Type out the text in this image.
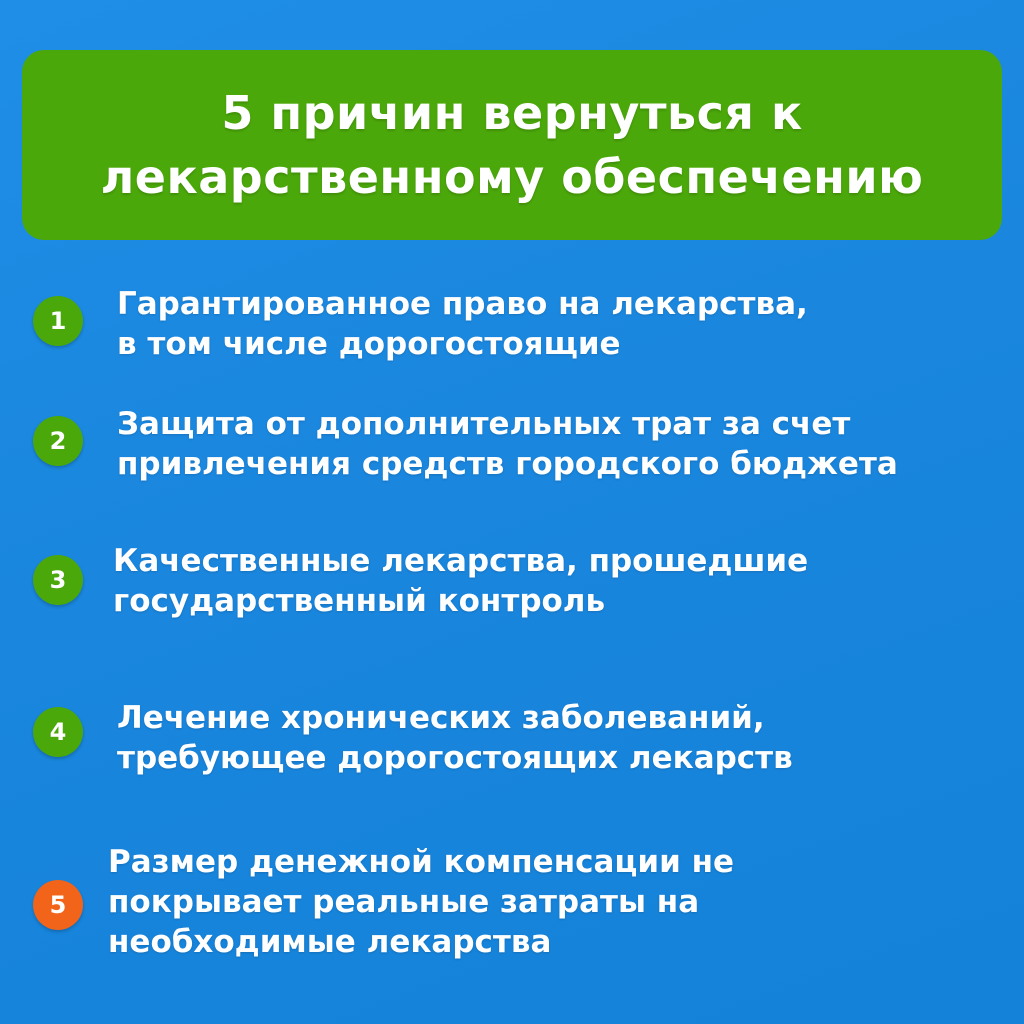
5 причин вернуться к
лекарственному обеспечению
1 Гарантированное право на лекарства,
в том числе дорогостоящие
2 Защита от дополнительных трат за счет
привлечения средств городского бюджета
3
Качественные лекарства, прошедшие
государственный контроль
4 Лечение хронических заболеваний,
требующее дорогостоящих лекарств
5
Размер денежной компенсации не
покрывает реальные затраты на
необходимые лекарства
